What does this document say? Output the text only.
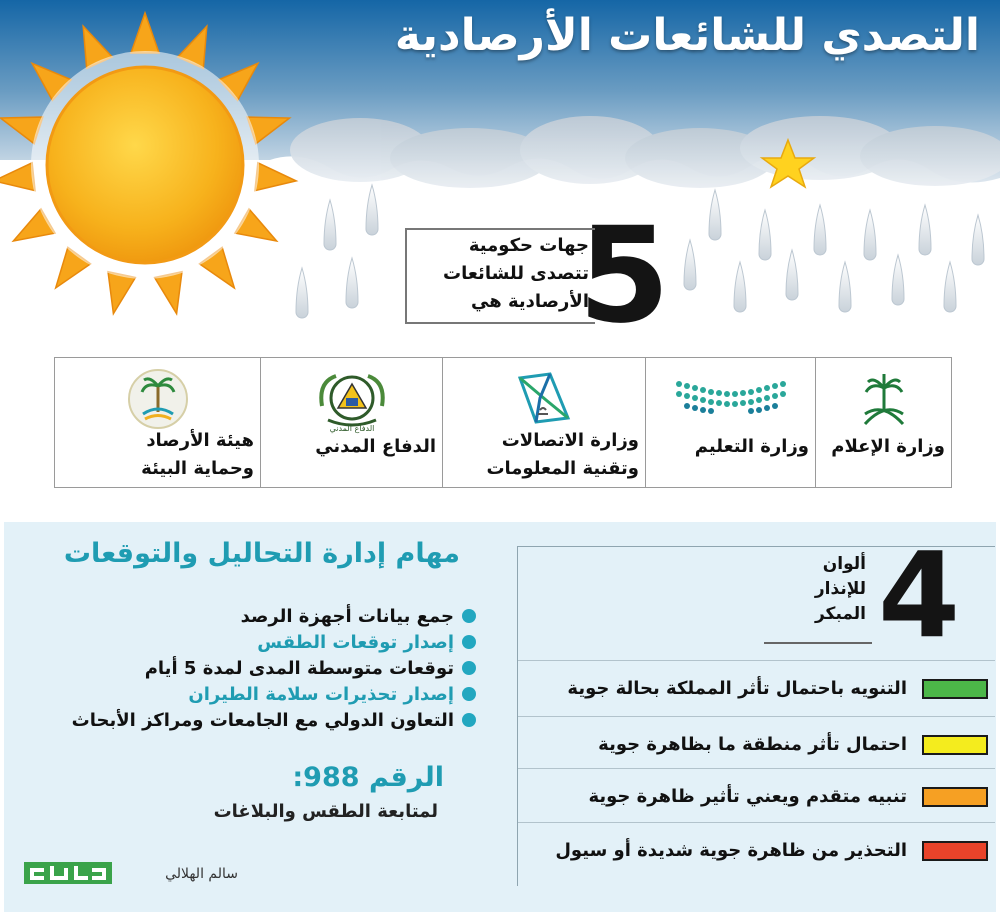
التصدي للشائعات الأرصادية
5
جهات حكومية
تتصدى للشائعات
الأرصادية هي
هيئة الأرصاد
وحماية البيئة
الدفاع المدني
الدفاع المدني	وزارة الاتصالات
وتقنية المعلومات
وزارة التعليم	وزارة الإعلام
مهام إدارة التحاليل والتوقعات
جمع بيانات أجهزة الرصد
إصدار توقعات الطقس
توقعات متوسطة المدى لمدة 5 أيام
إصدار تحذيرات سلامة الطيران
التعاون الدولي مع الجامعات ومراكز الأبحاث
الرقم 988:
لمتابعة الطقس والبلاغات
سالم الهلالي
4
ألوان
للإنذار
المبكر
التنويه باحتمال تأثر المملكة بحالة جوية
احتمال تأثر منطقة ما بظاهرة جوية
تنبيه متقدم ويعني تأثير ظاهرة جوية
التحذير من ظاهرة جوية شديدة أو سيول
